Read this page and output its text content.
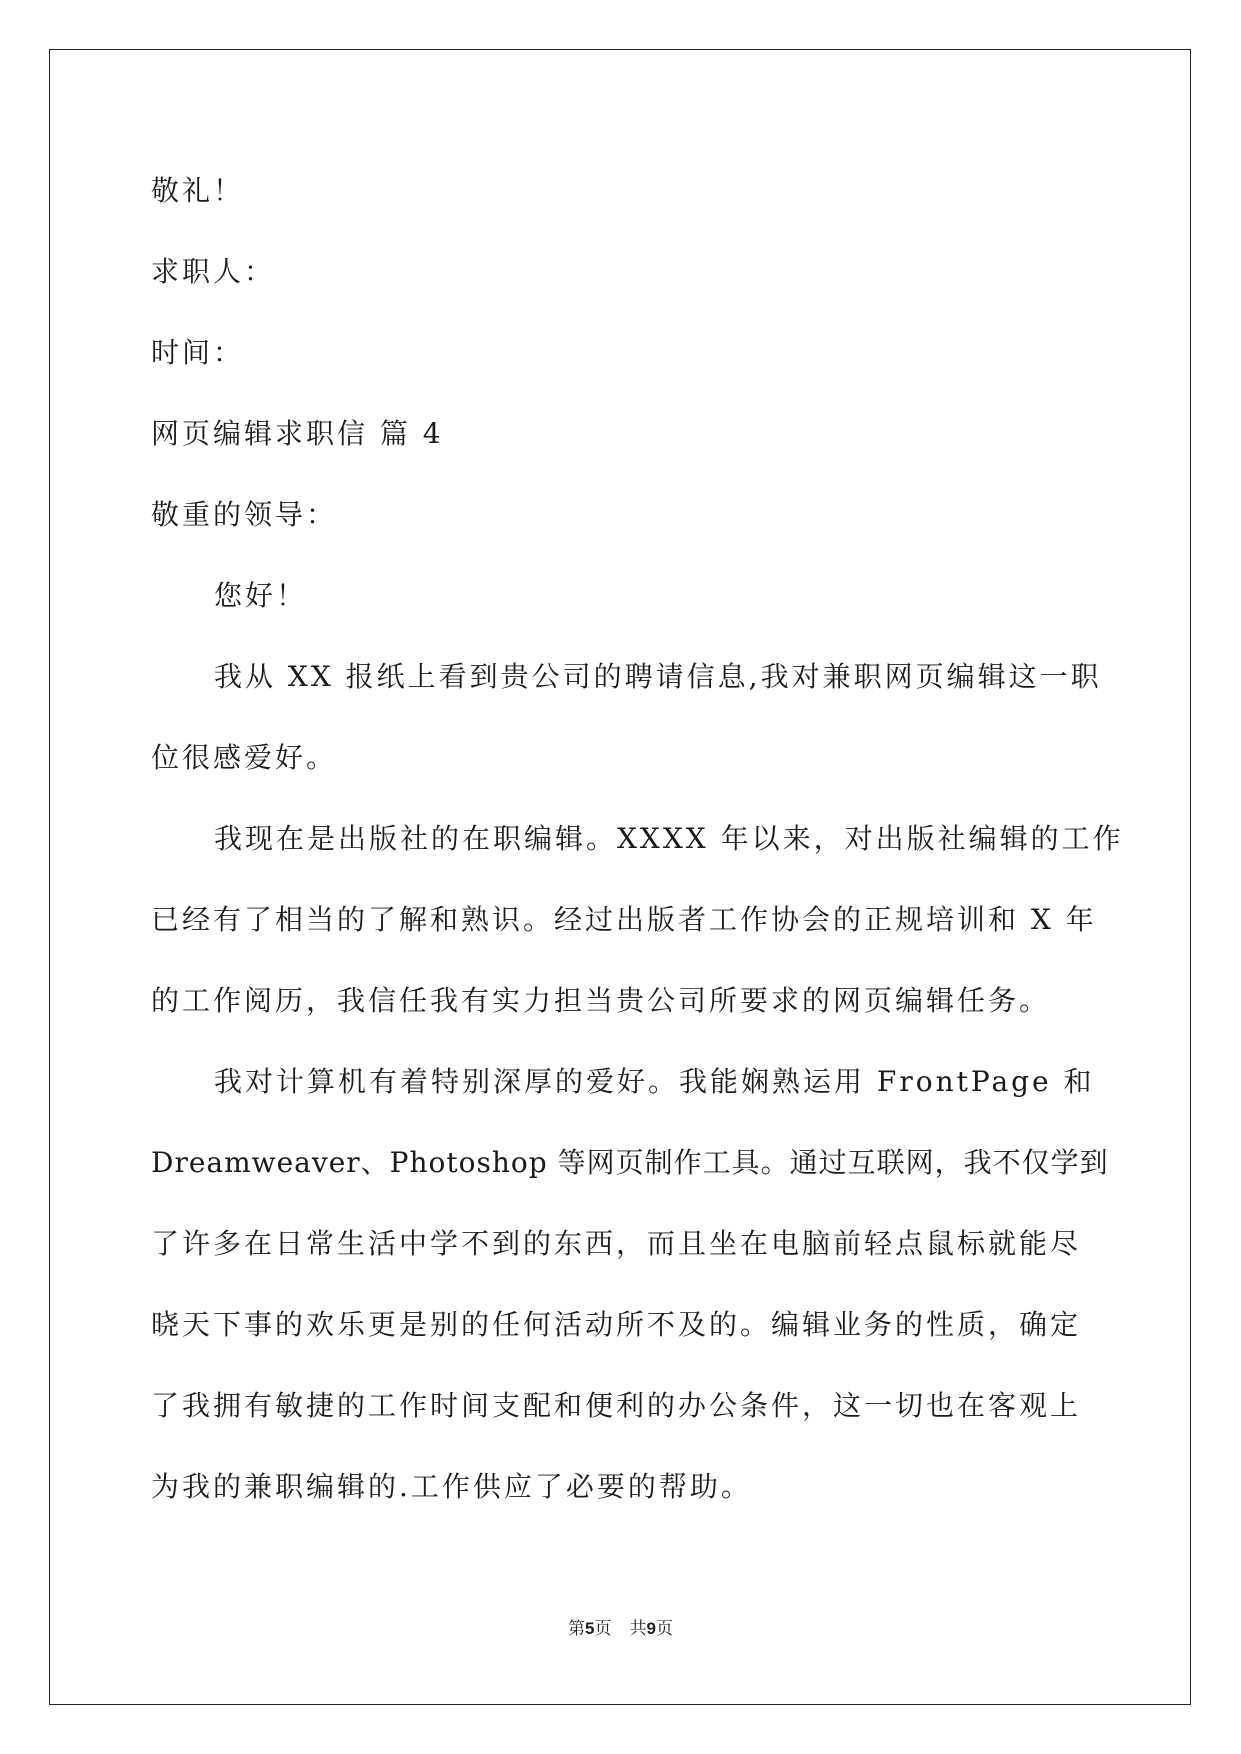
敬礼！
求职人：
时间：
网页编辑求职信 篇 4
敬重的领导：
您好！
我从 XX 报纸上看到贵公司的聘请信息,我对兼职网页编辑这一职
位很感爱好。
我现在是出版社的在职编辑。XXXX 年以来，对出版社编辑的工作
已经有了相当的了解和熟识。经过出版者工作协会的正规培训和 X 年
的工作阅历，我信任我有实力担当贵公司所要求的网页编辑任务。
我对计算机有着特别深厚的爱好。我能娴熟运用 FrontPage 和
Dreamweaver、Photoshop 等网页制作工具。通过互联网，我不仅学到
了许多在日常生活中学不到的东西，而且坐在电脑前轻点鼠标就能尽
晓天下事的欢乐更是别的任何活动所不及的。编辑业务的性质，确定
了我拥有敏捷的工作时间支配和便利的办公条件，这一切也在客观上
为我的兼职编辑的.工作供应了必要的帮助。
第5页 共9页
